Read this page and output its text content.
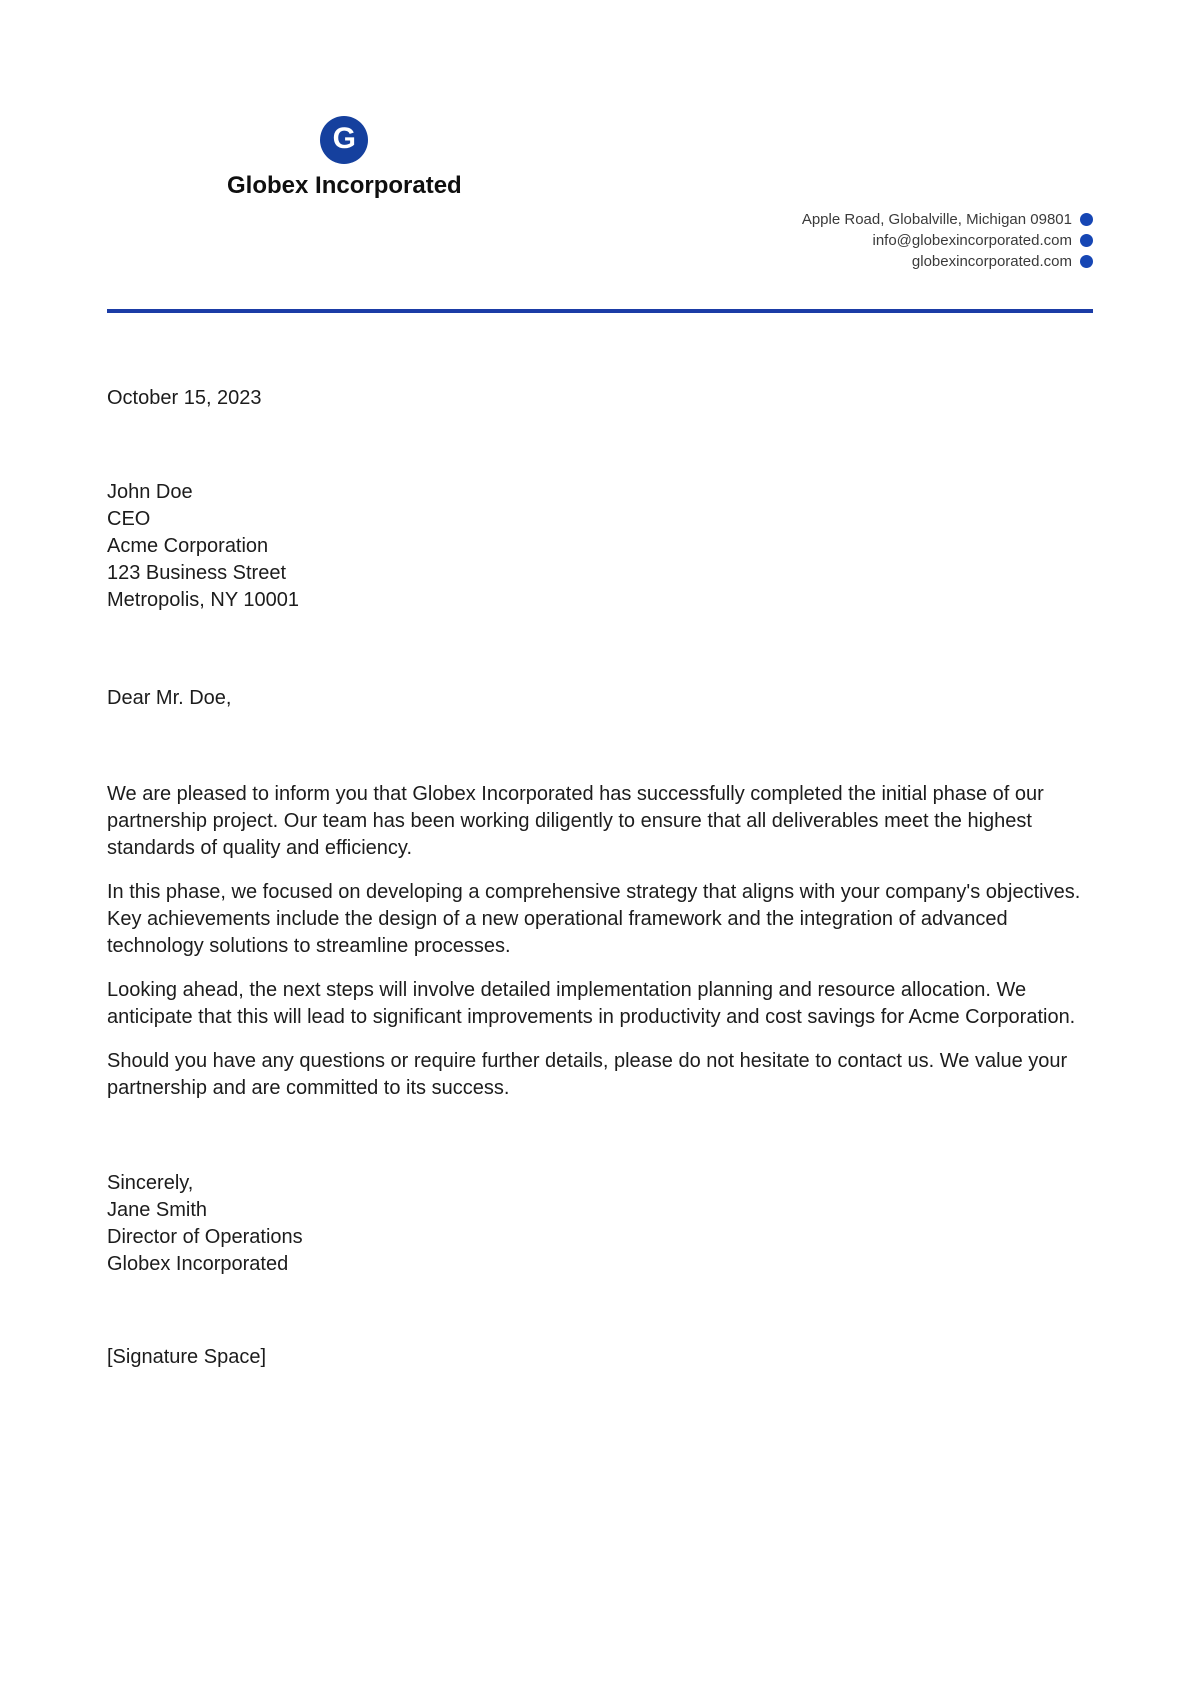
G
Globex Incorporated
Apple Road, Globalville, Michigan 09801
info@globexincorporated.com
globexincorporated.com
October 15, 2023
John Doe
CEO
Acme Corporation
123 Business Street
Metropolis, NY 10001
Dear Mr. Doe,

We are pleased to inform you that Globex Incorporated has successfully completed the initial phase of our partnership project. Our team has been working diligently to ensure that all deliverables meet the highest standards of quality and efficiency.

In this phase, we focused on developing a comprehensive strategy that aligns with your company's objectives. Key achievements include the design of a new operational framework and the integration of advanced technology solutions to streamline processes.

Looking ahead, the next steps will involve detailed implementation planning and resource allocation. We anticipate that this will lead to significant improvements in productivity and cost savings for Acme Corporation.

Should you have any questions or require further details, please do not hesitate to contact us. We value your partnership and are committed to its success.

Sincerely,
Jane Smith
Director of Operations
Globex Incorporated
[Signature Space]
